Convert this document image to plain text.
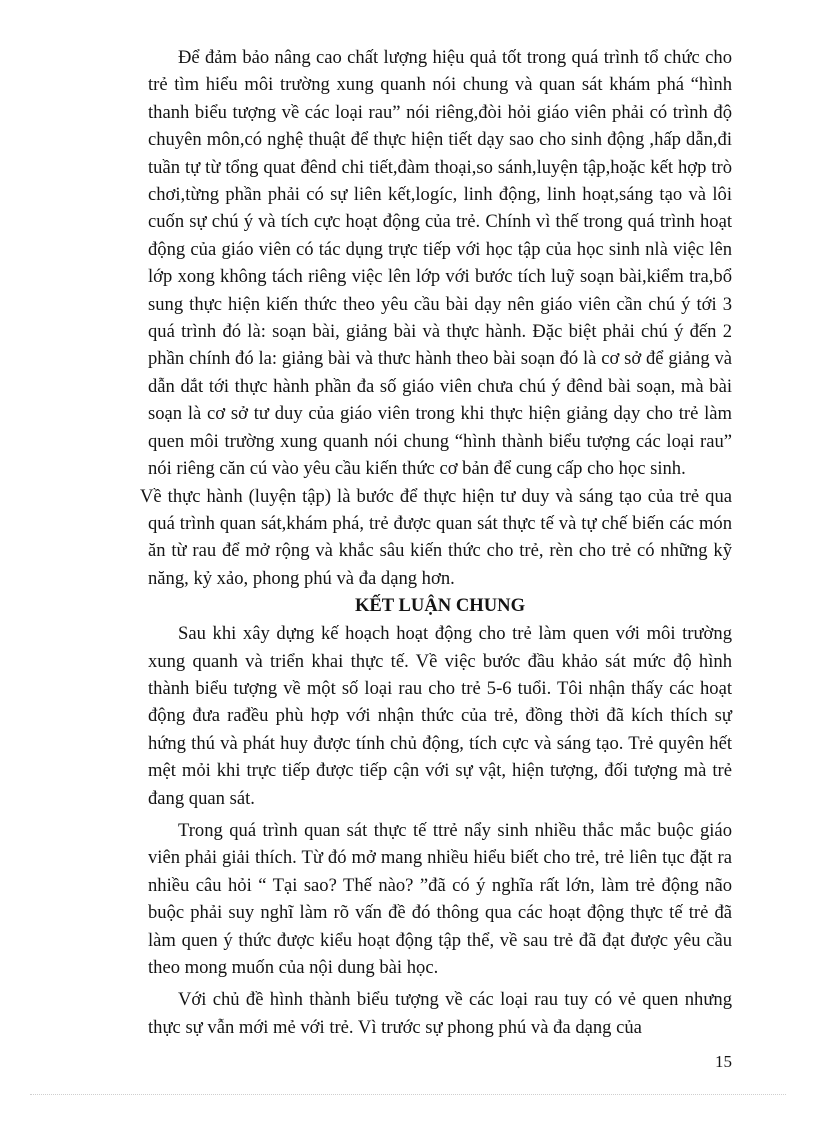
Để đảm bảo nâng cao chất lượng hiệu quả tốt trong quá trình tổ chức cho trẻ tìm hiểu môi trường xung quanh nói chung và quan sát khám phá “hình thanh biểu tượng về các loại rau” nói riêng,đòi hỏi giáo viên phải có trình độ chuyên môn,có nghệ thuật để thực hiện tiết dạy sao cho sinh động ,hấp dẫn,đi tuần tự từ tổng quat đênd chi tiết,đàm thoại,so sánh,luyện tập,hoặc kết hợp trò chơi,từng phần phải có sự liên kết,logíc, linh động, linh hoạt,sáng tạo và lôi cuốn sự chú ý và tích cực hoạt động của trẻ. Chính vì thế trong quá trình hoạt động của giáo viên có tác dụng trực tiếp với học tập của học sinh nlà việc lên lớp xong không tách riêng việc lên lớp với bước tích luỹ soạn bài,kiểm tra,bổ sung thực hiện kiến thức theo yêu cầu bài dạy nên giáo viên cần chú ý tới 3 quá trình đó là: soạn bài, giảng bài và thực hành. Đặc biệt phải chú ý đến 2 phần chính đó la: giảng bài và thưc hành theo bài soạn đó là cơ sở để giảng và dẫn dắt tới thực hành phần đa số giáo viên chưa chú ý đênd bài soạn, mà bài soạn là cơ sở tư duy của giáo viên trong khi thực hiện giảng dạy cho trẻ làm quen môi trường xung quanh nói chung “hình thành biểu tượng các loại rau” nói riêng căn cú vào yêu cầu kiến thức cơ bản để cung cấp cho học sinh.

Về thực hành (luyện tập) là bước để thực hiện tư duy và sáng tạo của trẻ qua quá trình quan sát,khám phá, trẻ được quan sát thực tế và tự chế biến các món ăn từ rau để mở rộng và khắc sâu kiến thức cho trẻ, rèn cho trẻ có những kỹ năng, kỷ xảo, phong phú và đa dạng hơn.

KẾT LUẬN CHUNG

Sau khi xây dựng kế hoạch hoạt động cho trẻ làm quen với môi trường xung quanh và triển khai thực tế. Về việc bước đầu khảo sát mức độ hình thành biểu tượng về một số loại rau cho trẻ 5-6 tuổi. Tôi nhận thấy các hoạt động đưa rađều phù hợp với nhận thức của trẻ, đồng thời đã kích thích sự hứng thú và phát huy được tính chủ động, tích cực và sáng tạo. Trẻ quyên hết mệt mỏi khi trực tiếp được tiếp cận với sự vật, hiện tượng, đối tượng mà trẻ đang quan sát.

Trong quá trình quan sát thực tế ttrẻ nẩy sinh nhiều thắc mắc buộc giáo viên phải giải thích. Từ đó mở mang nhiều hiểu biết cho trẻ, trẻ liên tục đặt ra nhiều câu hỏi “ Tại sao? Thế nào? ”đã có ý nghĩa rất lớn, làm trẻ động não buộc phải suy nghĩ làm rõ vấn đề đó thông qua các hoạt động thực tế trẻ đã làm quen ý thức được kiểu hoạt động tập thể, về sau trẻ đã đạt được yêu cầu theo mong muốn của nội dung bài học.

Với chủ đề hình thành biểu tượng về các loại rau tuy có vẻ quen nhưng thực sự vẫn mới mẻ với trẻ. Vì trước sự phong phú và đa dạng của

15
